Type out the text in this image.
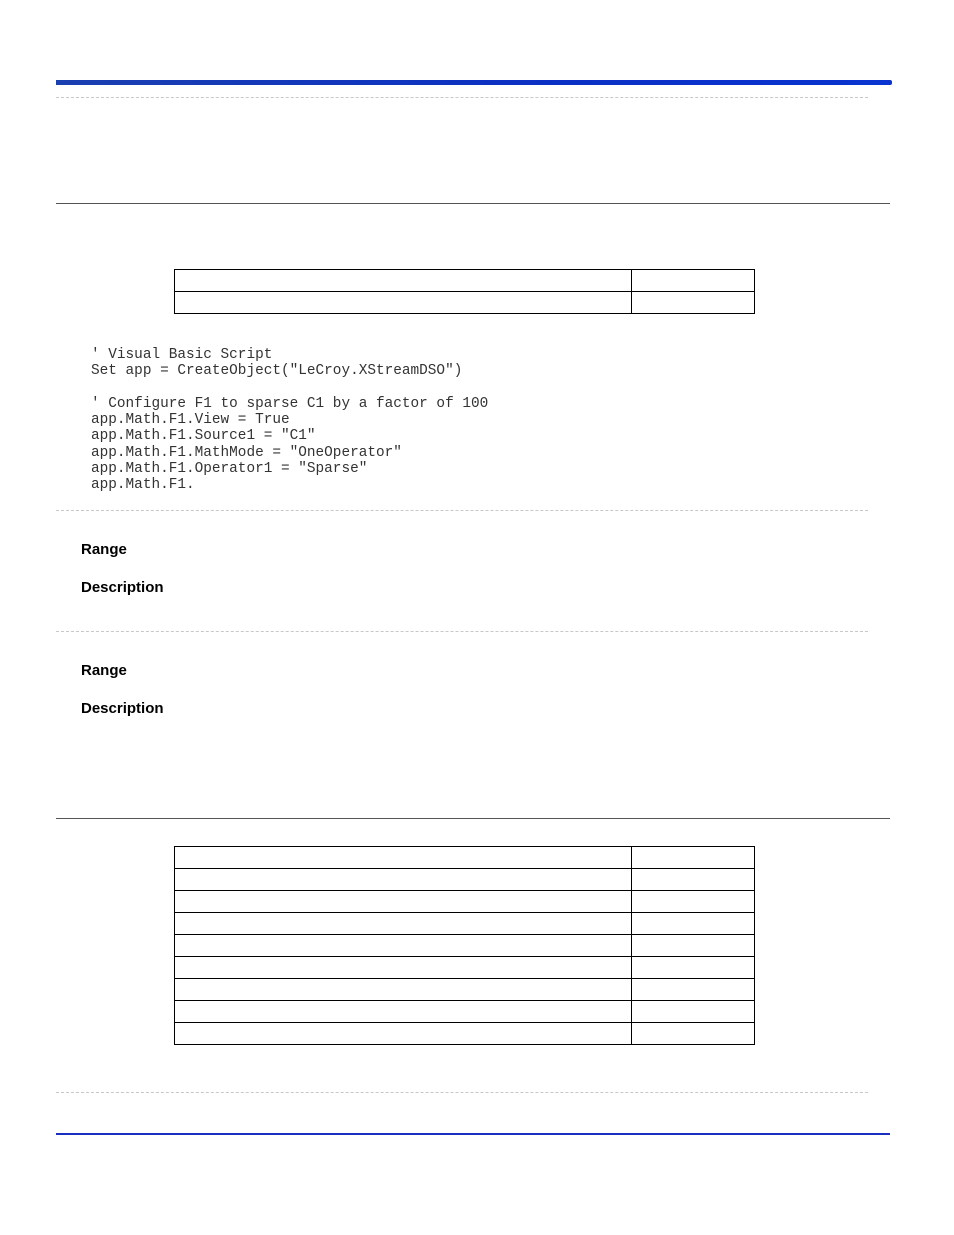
' Visual Basic Script
Set app = CreateObject("LeCroy.XStreamDSO")
' Configure F1 to sparse C1 by a factor of 100
app.Math.F1.View = True
app.Math.F1.Source1 = "C1"
app.Math.F1.MathMode = "OneOperator"
app.Math.F1.Operator1 = "Sparse"
app.Math.F1.
Range
Description
Range
Description
